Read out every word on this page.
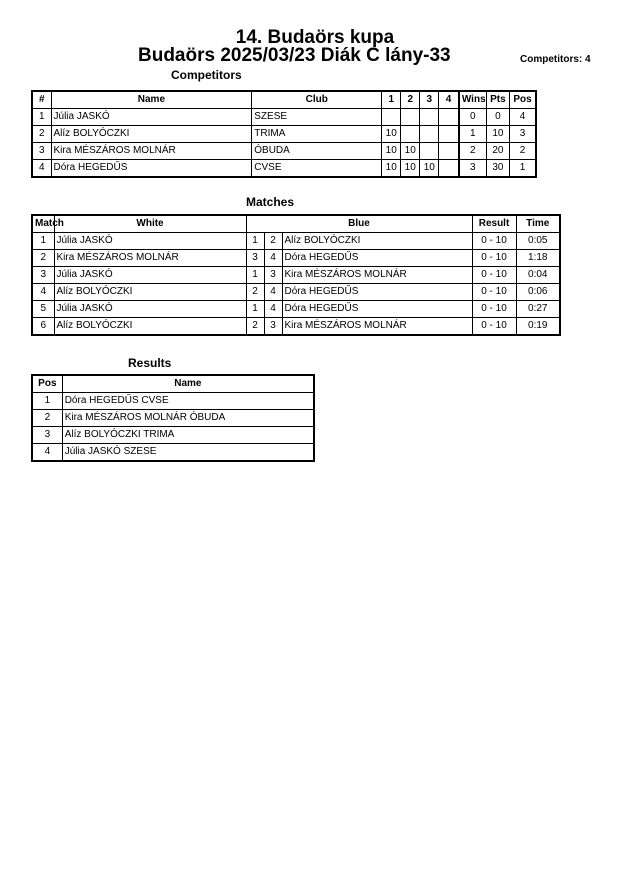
14. Budaörs kupa
Budaörs 2025/03/23 Diák C lány-33	Competitors: 4
Competitors
#	Name	Club	1	2	3	4	Wins	Pts	Pos
1	Júlia JASKÓ	SZESE					0	0	4
2	Alíz BOLYÓCZKI	TRIMA	10				1	10	3
3	Kira MÉSZÁROS MOLNÁR	ÓBUDA	10	10			2	20	2
4	Dóra HEGEDŰS	CVSE	10	10	10		3	30	1
Matches
Match	White	Blue			Result	Time
1	Júlia JASKÓ	1	2	Alíz BOLYÓCZKI	0 - 10	0:05
2	Kira MÉSZÁROS MOLNÁR	3	4	Dóra HEGEDŰS	0 - 10	1:18
3	Júlia JASKÓ	1	3	Kira MÉSZÁROS MOLNÁR	0 - 10	0:04
4	Alíz BOLYÓCZKI	2	4	Dóra HEGEDŰS	0 - 10	0:06
5	Júlia JASKÓ	1	4	Dóra HEGEDŰS	0 - 10	0:27
6	Alíz BOLYÓCZKI	2	3	Kira MÉSZÁROS MOLNÁR	0 - 10	0:19
Results
Pos	Name
1	Dóra HEGEDŰS CVSE
2	Kira MÉSZÁROS MOLNÁR ÓBUDA
3	Alíz BOLYÓCZKI TRIMA
4	Júlia JASKÓ SZESE
